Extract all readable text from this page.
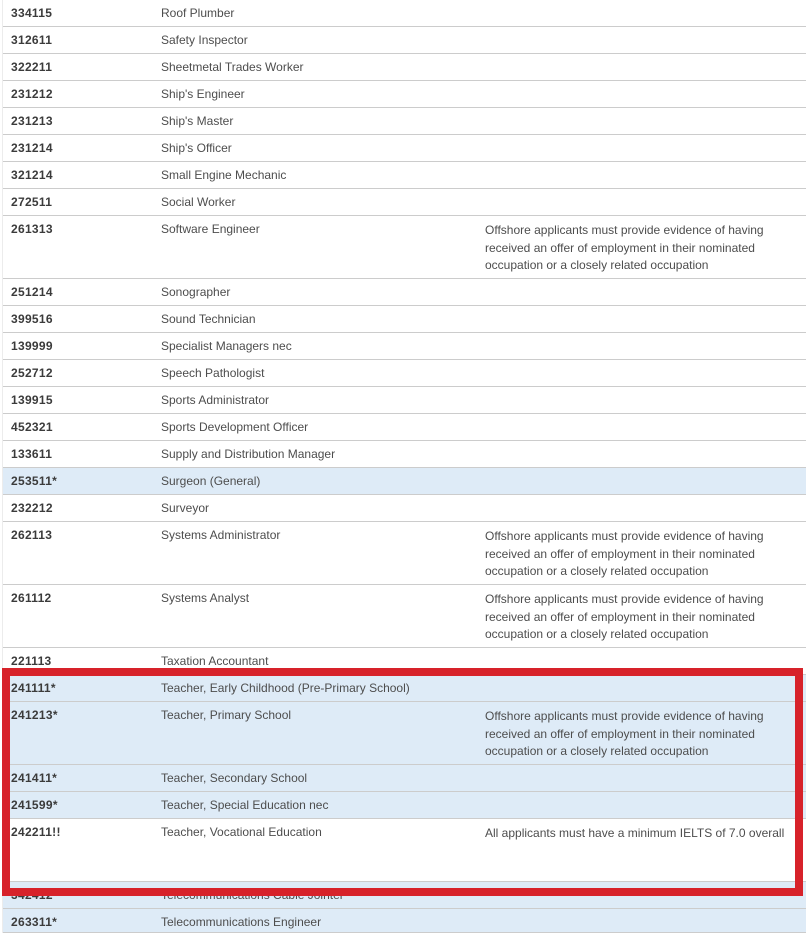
334115	Roof Plumber
312611	Safety Inspector
322211	Sheetmetal Trades Worker
231212	Ship's Engineer
231213	Ship's Master
231214	Ship's Officer
321214	Small Engine Mechanic
272511	Social Worker
261313	Software Engineer	Offshore applicants must provide evidence of having
received an offer of employment in their nominated
occupation or a closely related occupation
251214	Sonographer
399516	Sound Technician
139999	Specialist Managers nec
252712	Speech Pathologist
139915	Sports Administrator
452321	Sports Development Officer
133611	Supply and Distribution Manager
253511*	Surgeon (General)
232212	Surveyor
262113	Systems Administrator	Offshore applicants must provide evidence of having
received an offer of employment in their nominated
occupation or a closely related occupation
261112	Systems Analyst	Offshore applicants must provide evidence of having
received an offer of employment in their nominated
occupation or a closely related occupation
221113	Taxation Accountant
241111*	Teacher, Early Childhood (Pre-Primary School)
241213*	Teacher, Primary School	Offshore applicants must provide evidence of having
received an offer of employment in their nominated
occupation or a closely related occupation
241411*	Teacher, Secondary School
241599*	Teacher, Special Education nec
242211!!	Teacher, Vocational Education	All applicants must have a minimum IELTS of 7.0 overall
342412*	Telecommunications Cable Jointer
263311*	Telecommunications Engineer
